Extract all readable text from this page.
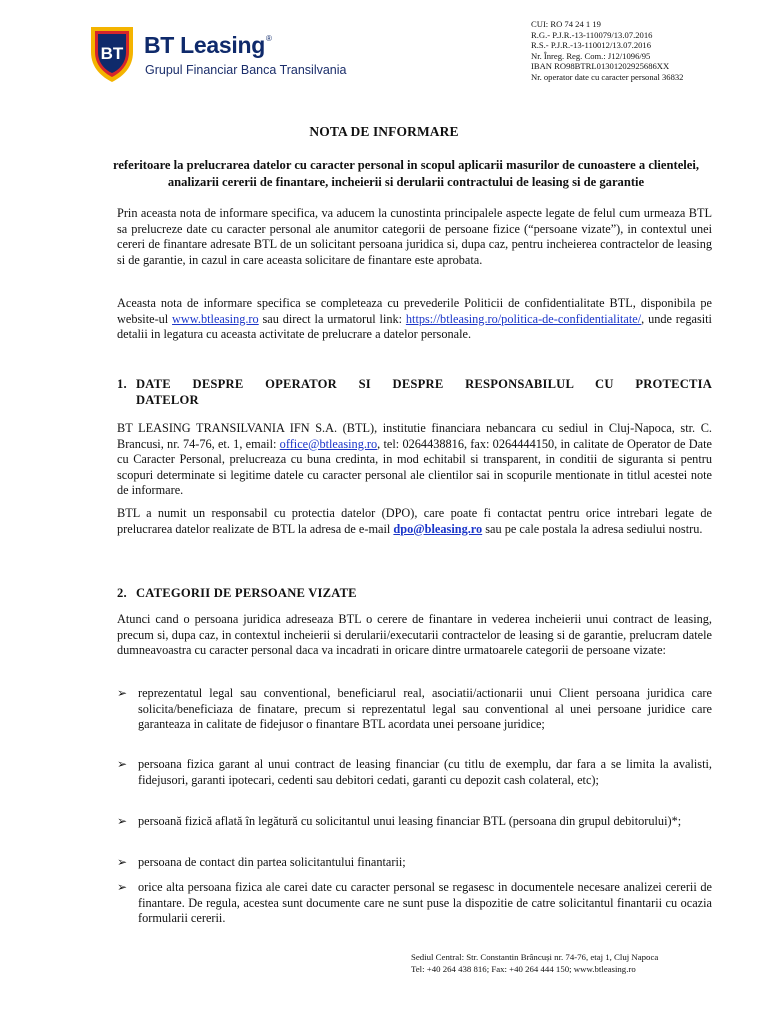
BT BT Leasing®
Grupul Financiar Banca Transilvania
CUI: RO 74 24 1 19
R.G.- P.J.R.-13-110079/13.07.2016
R.S.- P.J.R.-13-110012/13.07.2016
Nr. Înreg. Reg. Com.: J12/1096/95
IBAN RO98BTRL01301202925686XX
Nr. operator date cu caracter personal 36832
NOTA DE INFORMARE
referitoare la prelucrarea datelor cu caracter personal in scopul aplicarii masurilor de cunoastere a clientelei, analizarii cererii de finantare, incheierii si derularii contractului de leasing si de garantie
Prin aceasta nota de informare specifica, va aducem la cunostinta principalele aspecte legate de felul cum urmeaza BTL sa prelucreze date cu caracter personal ale anumitor categorii de persoane fizice (“persoane vizate”), in contextul unei cereri de finantare adresate BTL de un solicitant persoana juridica si, dupa caz, pentru incheierea contractelor de leasing si de garantie, in cazul in care aceasta solicitare de finantare este aprobata.
Aceasta nota de informare specifica se completeaza cu prevederile Politicii de confidentialitate BTL, disponibila pe website-ul www.btleasing.ro sau direct la urmatorul link: https://btleasing.ro/politica-de-confidentialitate/, unde regasiti detalii in legatura cu aceasta activitate de prelucrare a datelor personale.
1. DATE DESPRE OPERATOR SI DESPRE RESPONSABILUL CU PROTECTIA
DATELOR
BT LEASING TRANSILVANIA IFN S.A. (BTL), institutie financiara nebancara cu sediul in Cluj-Napoca, str. C. Brancusi, nr. 74-76, et. 1, email: office@btleasing.ro, tel: 0264438816, fax: 0264444150, in calitate de Operator de Date cu Caracter Personal, prelucreaza cu buna credinta, in mod echitabil si transparent, in conditii de siguranta si pentru scopuri determinate si legitime datele cu caracter personal ale clientilor sai in scopurile mentionate in titlul acestei note de informare.
BTL a numit un responsabil cu protectia datelor (DPO), care poate fi contactat pentru orice intrebari legate de prelucrarea datelor realizate de BTL la adresa de e-mail dpo@bleasing.ro sau pe cale postala la adresa sediului nostru.
2. CATEGORII DE PERSOANE VIZATE
Atunci cand o persoana juridica adreseaza BTL o cerere de finantare in vederea incheierii unui contract de leasing, precum si, dupa caz, in contextul incheierii si derularii/executarii contractelor de leasing si de garantie, prelucram datele dumneavoastra cu caracter personal daca va incadrati in oricare dintre urmatoarele categorii de persoane vizate:
➢ reprezentatul legal sau conventional, beneficiarul real, asociatii/actionarii unui Client persoana juridica care solicita/beneficiaza de finatare, precum si reprezentatul legal sau conventional al unei persoane juridice care garanteaza in calitate de fidejusor o finantare BTL acordata unei persoane juridice;
➢ persoana fizica garant al unui contract de leasing financiar (cu titlu de exemplu, dar fara a se limita la avalisti, fidejusori, garanti ipotecari, cedenti sau debitori cedati, garanti cu depozit cash colateral, etc);
➢ persoană fizică aflată în legătură cu solicitantul unui leasing financiar BTL (persoana din grupul debitorului)*;
➢ persoana de contact din partea solicitantului finantarii;
➢ orice alta persoana fizica ale carei date cu caracter personal se regasesc in documentele necesare analizei cererii de finantare. De regula, acestea sunt documente care ne sunt puse la dispozitie de catre solicitantul finantarii cu ocazia formularii cererii.
Sediul Central: Str. Constantin Brâncuși nr. 74-76, etaj 1, Cluj Napoca
Tel: +40 264 438 816; Fax: +40 264 444 150; www.btleasing.ro
